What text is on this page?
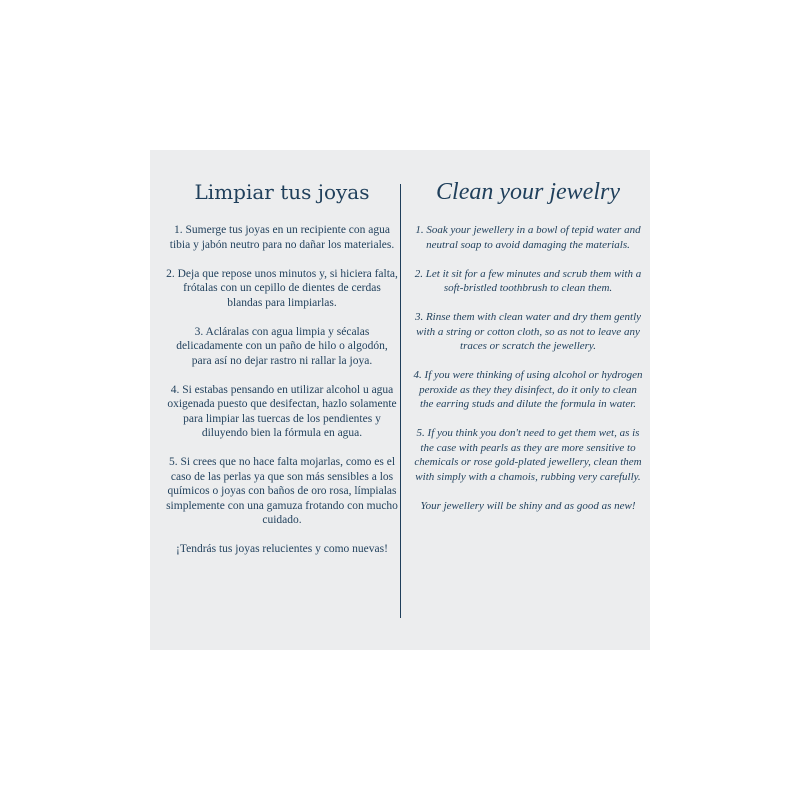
Limpiar tus joyas

1. Sumerge tus joyas en un recipiente con agua tibia y jabón neutro para no dañar los materiales.

2. Deja que repose unos minutos y, si hiciera falta, frótalas con un cepillo de dientes de cerdas blandas para limpiarlas.

3. Acláralas con agua limpia y sécalas delicadamente con un paño de hilo o algodón, para así no dejar rastro ni rallar la joya.

4. Si estabas pensando en utilizar alcohol u agua oxigenada puesto que desifectan, hazlo solamente para limpiar las tuercas de los pendientes y diluyendo bien la fórmula en agua.

5. Si crees que no hace falta mojarlas, como es el caso de las perlas ya que son más sensibles a los químicos o joyas con baños de oro rosa, límpialas simplemente con una gamuza frotando con mucho cuidado.

¡Tendrás tus joyas relucientes y como nuevas!

Clean your jewelry

1. Soak your jewellery in a bowl of tepid water and neutral soap to avoid damaging the materials.

2. Let it sit for a few minutes and scrub them with a soft-bristled toothbrush to clean them.

3. Rinse them with clean water and dry them gently with a string or cotton cloth, so as not to leave any traces or scratch the jewellery.

4. If you were thinking of using alcohol or hydrogen peroxide as they they disinfect, do it only to clean the earring studs and dilute the formula in water.

5. If you think you don't need to get them wet, as is the case with pearls as they are more sensitive to chemicals or rose gold-plated jewellery, clean them with simply with a chamois, rubbing very carefully.

Your jewellery will be shiny and as good as new!
